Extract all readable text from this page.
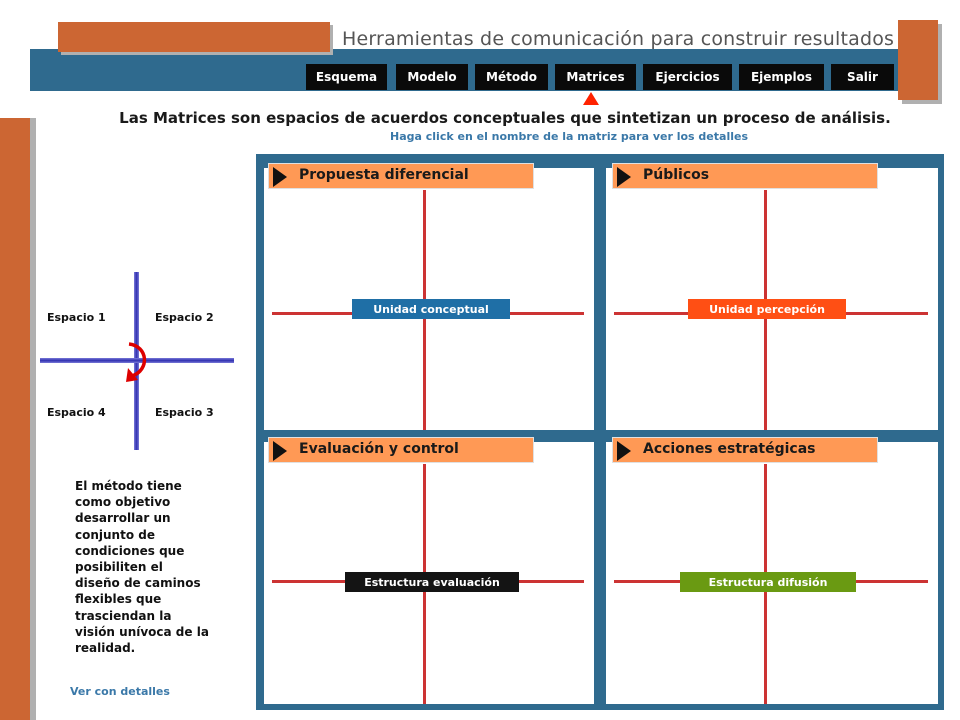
Herramientas de comunicación para construir resultados
Esquema	Modelo	Método	Matrices	Ejercicios	Ejemplos	Salir
Las Matrices son espacios de acuerdos conceptuales que sintetizan un proceso de análisis.
Haga click en el nombre de la matriz para ver los detalles
Espacio 1	Espacio 2
Espacio 3
Espacio 4
El método tiene como objetivo desarrollar un conjunto de condiciones que posibiliten el diseño de caminos flexibles que trasciendan la visión unívoca de la realidad.
Ver con detalles
Propuesta diferencial
Unidad conceptual
Públicos
Unidad percepción
Evaluación y control
Estructura evaluación
Acciones estratégicas
Estructura difusión
